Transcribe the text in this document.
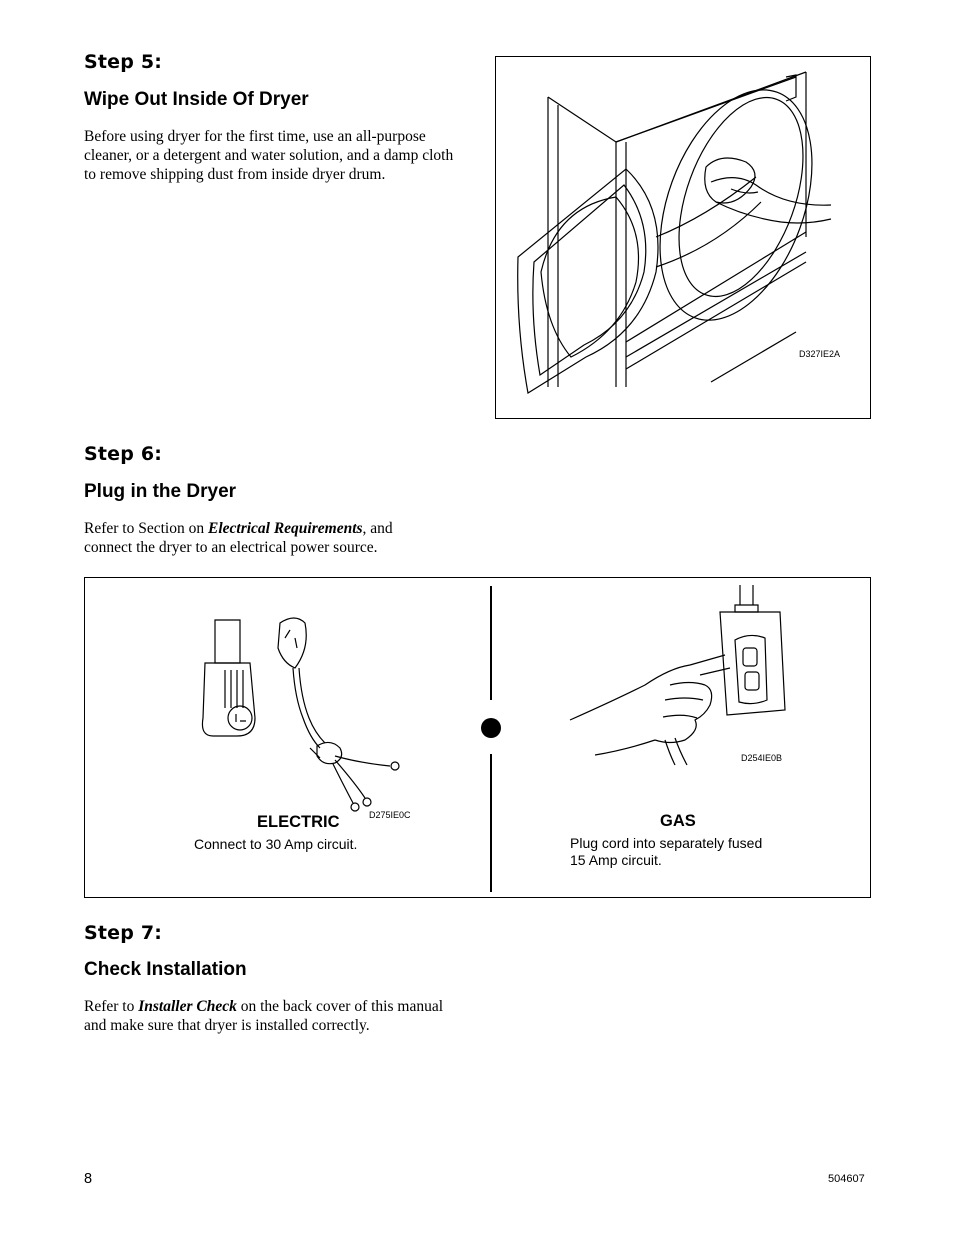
Step 5:
Wipe Out Inside Of Dryer
Before using dryer for the first time, use an all-purpose cleaner, or a detergent and water solution, and a damp cloth to remove shipping dust from inside dryer drum.
D327IE2A
Step 6:
Plug in the Dryer
Refer to Section on Electrical Requirements, and connect the dryer to an electrical power source.
D275IE0C
ELECTRIC
Connect to 30 Amp circuit.
D254IE0B
GAS
Plug cord into separately fused
15 Amp circuit.
Step 7:
Check Installation
Refer to Installer Check on the back cover of this manual and make sure that dryer is installed correctly.
8	504607
